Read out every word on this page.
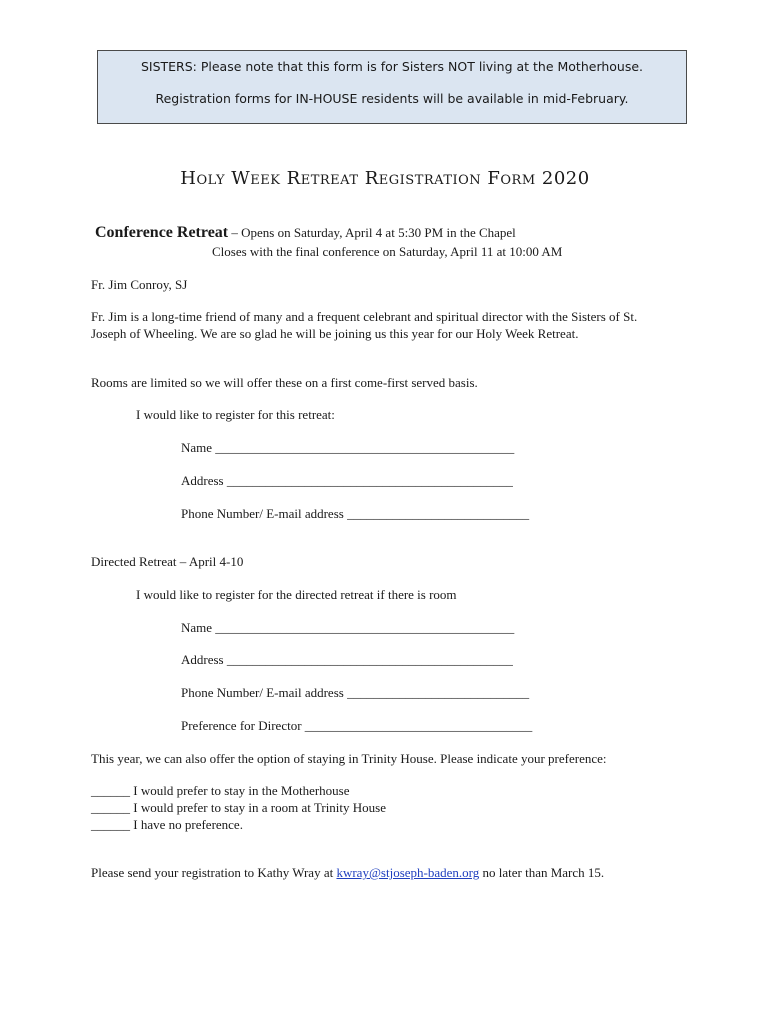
SISTERS: Please note that this form is for Sisters NOT living at the Motherhouse.
Registration forms for IN-HOUSE residents will be available in mid-February.
Holy Week Retreat Registration Form 2020
Conference Retreat – Opens on Saturday, April 4 at 5:30 PM in the Chapel
Closes with the final conference on Saturday, April 11 at 10:00 AM
Fr. Jim Conroy, SJ
Fr. Jim is a long-time friend of many and a frequent celebrant and spiritual director with the Sisters of St.
Joseph of Wheeling. We are so glad he will be joining us this year for our Holy Week Retreat.
Rooms are limited so we will offer these on a first come-first served basis.
I would like to register for this retreat:
Name ______________________________________________
Address ____________________________________________
Phone Number/ E-mail address ____________________________
Directed Retreat – April 4-10
I would like to register for the directed retreat if there is room
Name ______________________________________________
Address ____________________________________________
Phone Number/ E-mail address ____________________________
Preference for Director ___________________________________
This year, we can also offer the option of staying in Trinity House. Please indicate your preference:
______ I would prefer to stay in the Motherhouse
______ I would prefer to stay in a room at Trinity House
______ I have no preference.
Please send your registration to Kathy Wray at kwray@stjoseph-baden.org no later than March 15.
